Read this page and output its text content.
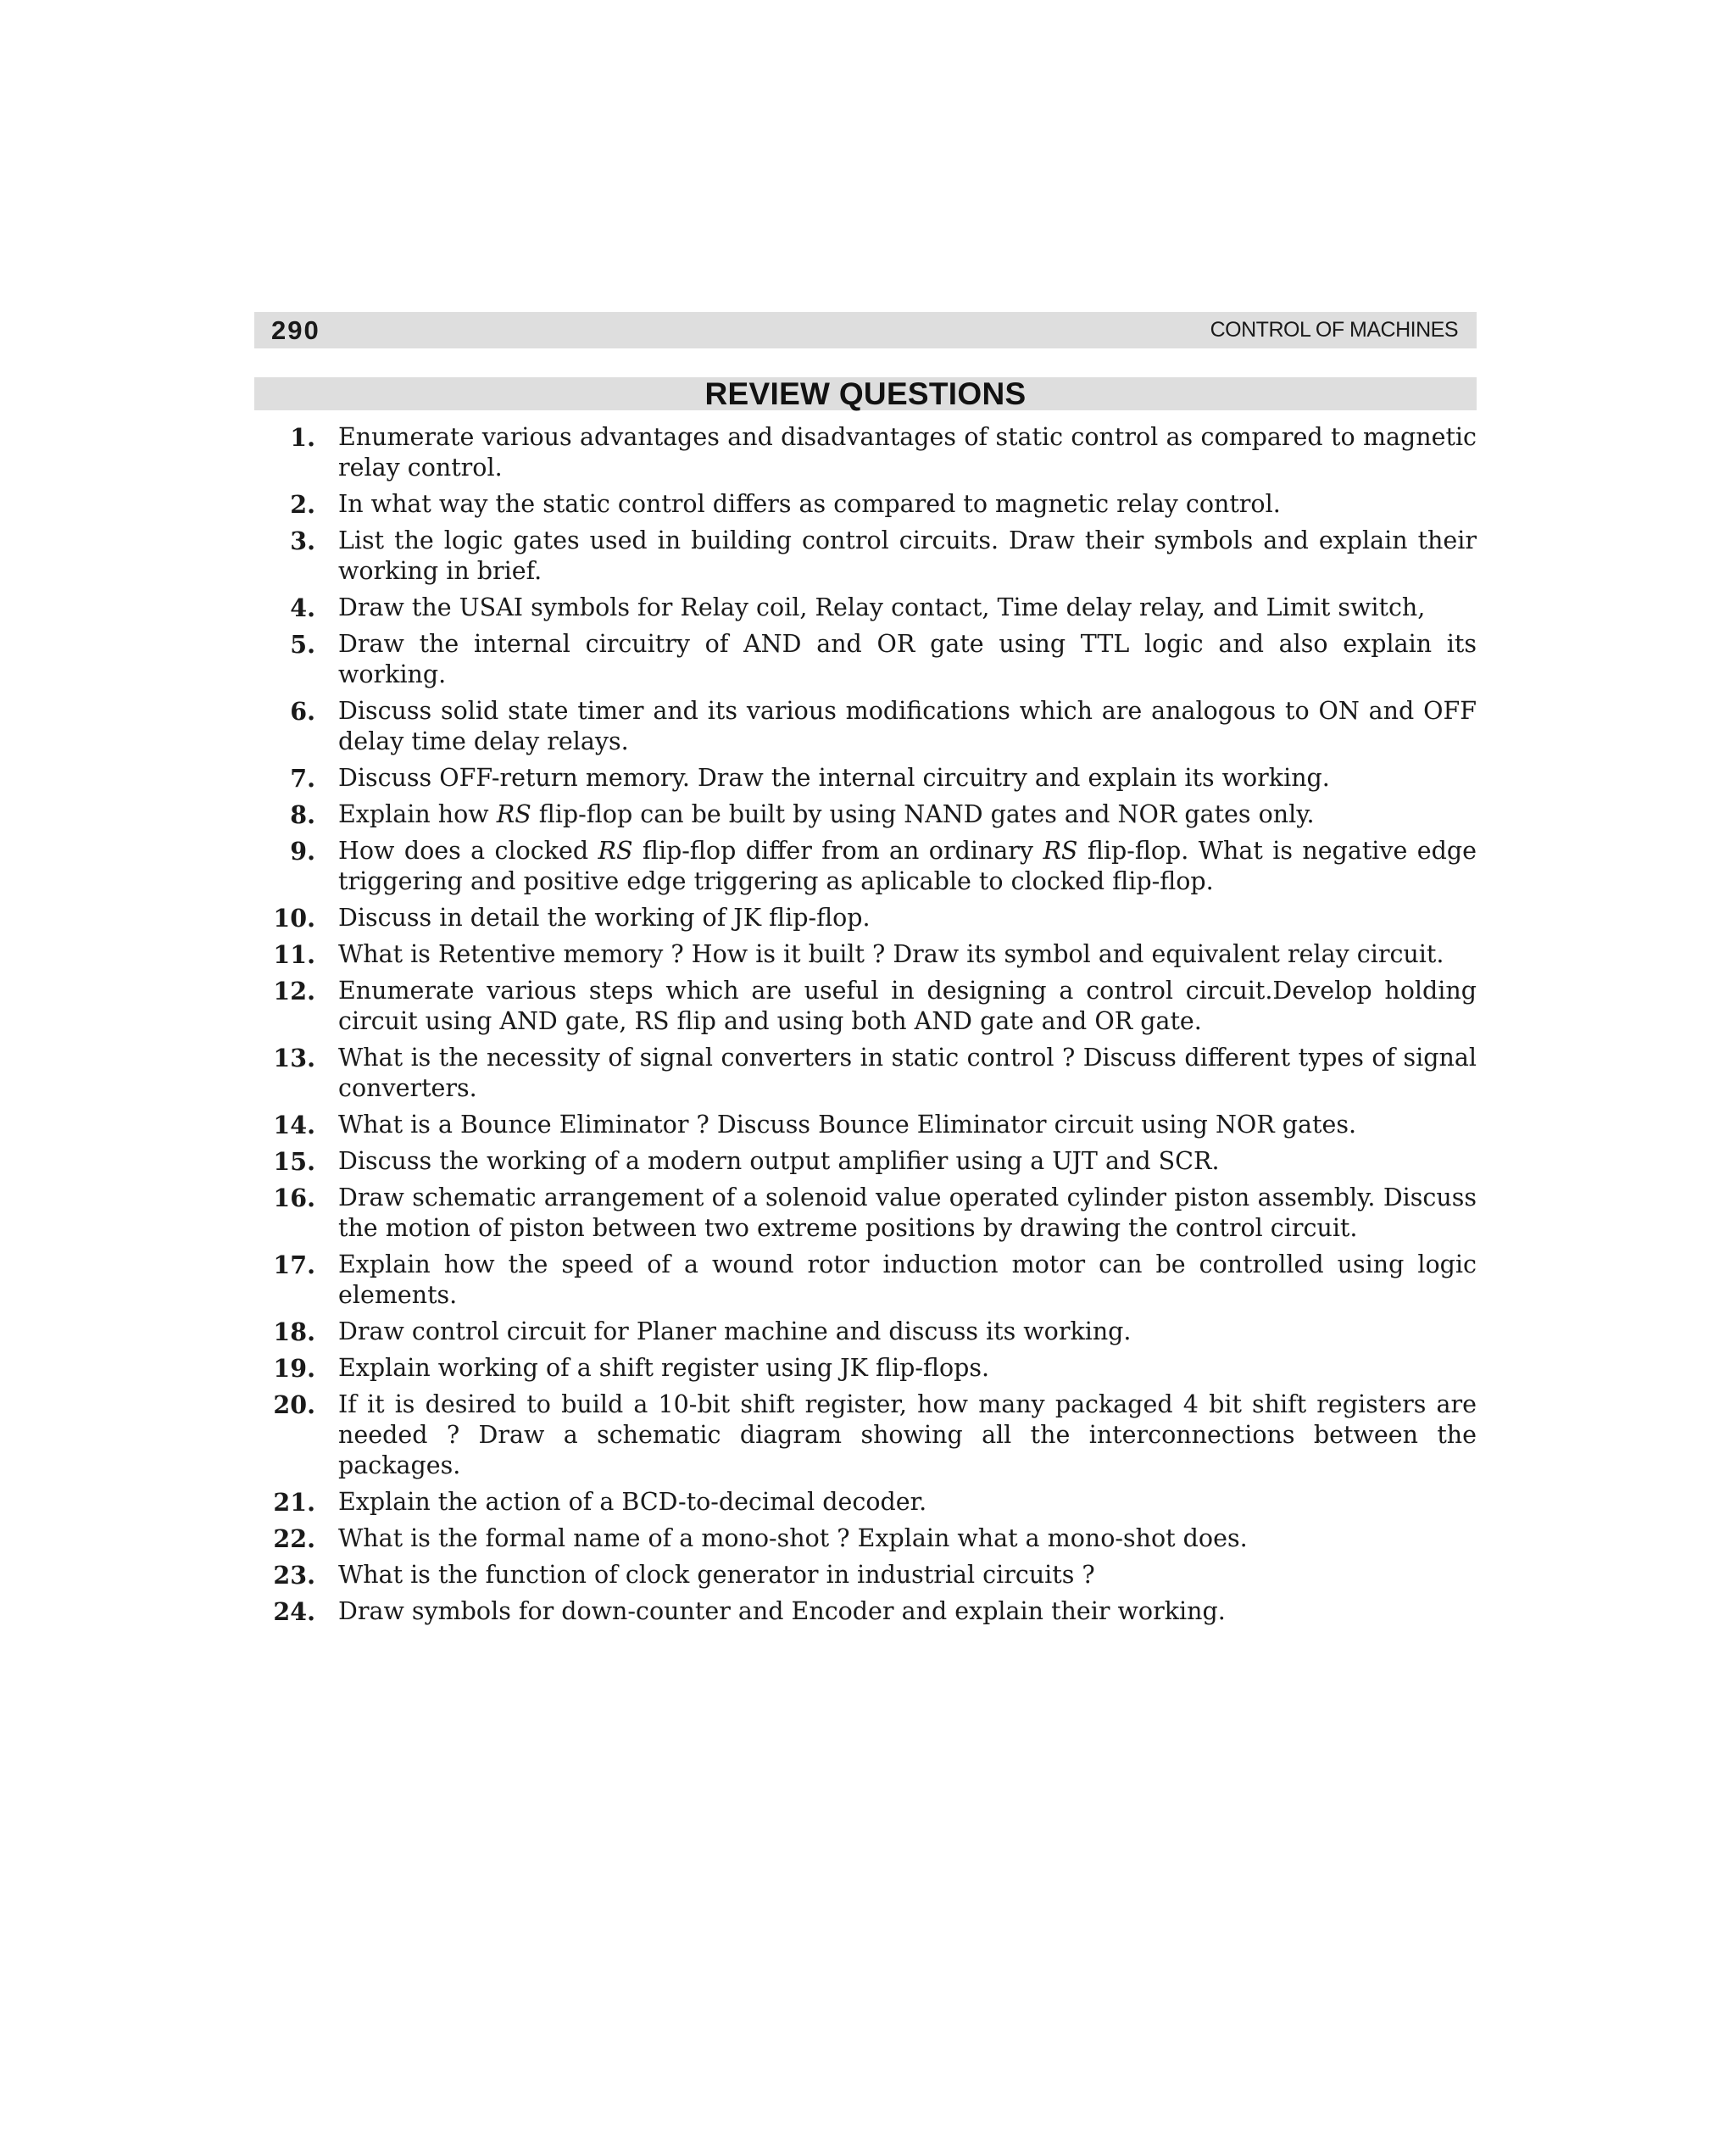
290	CONTROL OF MACHINES
REVIEW QUESTIONS
1. Enumerate various advantages and disadvantages of static control as compared to magnetic relay control.
2. In what way the static control differs as compared to magnetic relay control.
3. List the logic gates used in building control circuits. Draw their symbols and explain their working in brief.
4. Draw the USAI symbols for Relay coil, Relay contact, Time delay relay, and Limit switch,
5. Draw the internal circuitry of AND and OR gate using TTL logic and also explain its working.
6. Discuss solid state timer and its various modifications which are analogous to ON and OFF delay time delay relays.
7. Discuss OFF-return memory. Draw the internal circuitry and explain its working.
8. Explain how RS flip-flop can be built by using NAND gates and NOR gates only.
9. How does a clocked RS flip-flop differ from an ordinary RS flip-flop. What is negative edge triggering and positive edge triggering as aplicable to clocked flip-flop.
10. Discuss in detail the working of JK flip-flop.
11. What is Retentive memory ? How is it built ? Draw its symbol and equivalent relay circuit.
12. Enumerate various steps which are useful in designing a control circuit.Develop holding circuit using AND gate, RS flip and using both AND gate and OR gate.
13. What is the necessity of signal converters in static control ? Discuss different types of signal converters.
14. What is a Bounce Eliminator ? Discuss Bounce Eliminator circuit using NOR gates.
15. Discuss the working of a modern output amplifier using a UJT and SCR.
16. Draw schematic arrangement of a solenoid value operated cylinder piston assembly. Discuss the motion of piston between two extreme positions by drawing the control circuit.
17. Explain how the speed of a wound rotor induction motor can be controlled using logic elements.
18. Draw control circuit for Planer machine and discuss its working.
19. Explain working of a shift register using JK flip-flops.
20. If it is desired to build a 10-bit shift register, how many packaged 4 bit shift registers are needed ? Draw a schematic diagram showing all the interconnections between the packages.
21. Explain the action of a BCD-to-decimal decoder.
22. What is the formal name of a mono-shot ? Explain what a mono-shot does.
23. What is the function of clock generator in industrial circuits ?
24. Draw symbols for down-counter and Encoder and explain their working.
